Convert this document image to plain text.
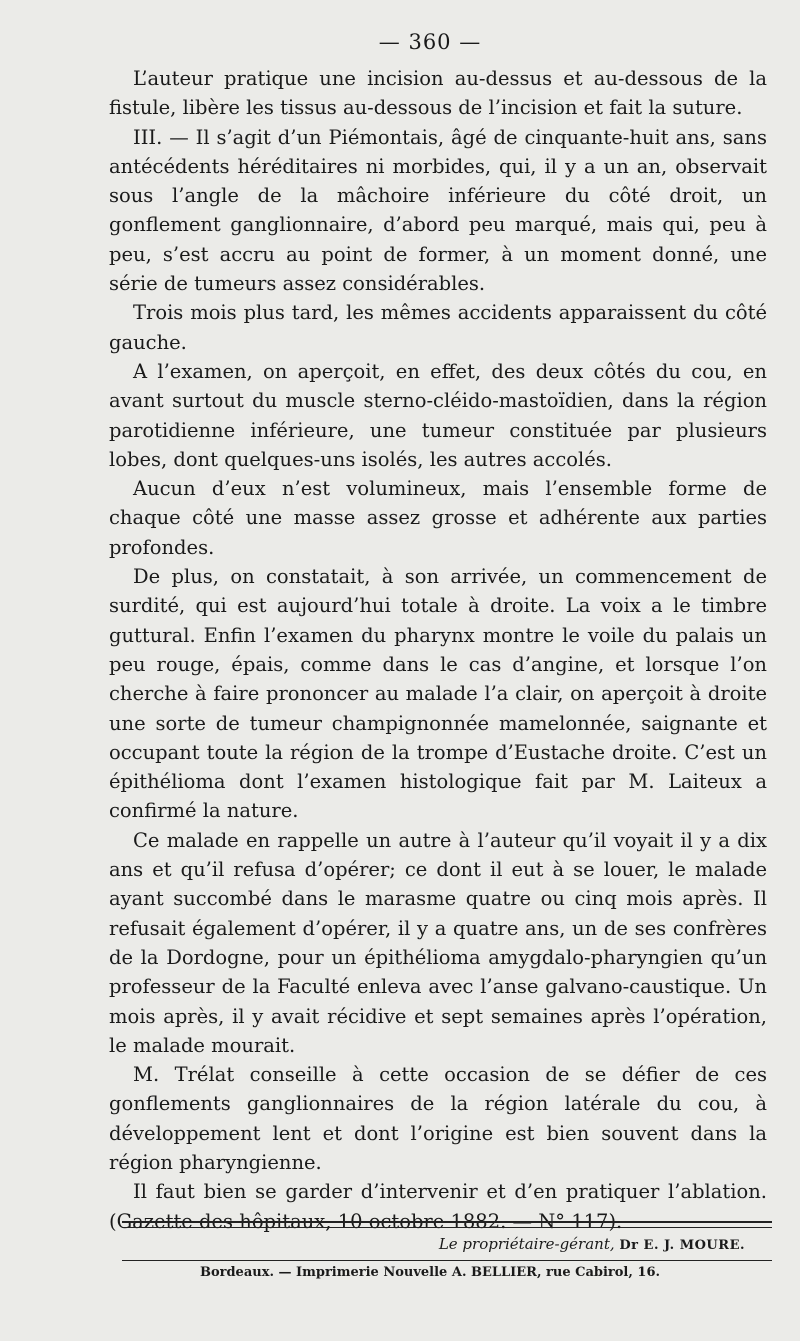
— 360 —

L’auteur pratique une incision au-dessus et au-dessous de la fistule, libère les tissus au-dessous de l’incision et fait la suture.

III. — Il s’agit d’un Piémontais, âgé de cinquante-huit ans, sans antécédents héréditaires ni morbides, qui, il y a un an, observait sous l’angle de la mâchoire inférieure du côté droit, un gonflement ganglionnaire, d’abord peu marqué, mais qui, peu à peu, s’est accru au point de former, à un moment donné, une série de tumeurs assez considérables.

Trois mois plus tard, les mêmes accidents apparaissent du côté gauche.

A l’examen, on aperçoit, en effet, des deux côtés du cou, en avant surtout du muscle sterno-cléido-mastoïdien, dans la région parotidienne inférieure, une tumeur constituée par plusieurs lobes, dont quelques-uns isolés, les autres accolés.

Aucun d’eux n’est volumineux, mais l’ensemble forme de chaque côté une masse assez grosse et adhérente aux parties profondes.

De plus, on constatait, à son arrivée, un commencement de surdité, qui est aujourd’hui totale à droite. La voix a le timbre guttural. Enfin l’examen du pharynx montre le voile du palais un peu rouge, épais, comme dans le cas d’angine, et lorsque l’on cherche à faire prononcer au malade l’a clair, on aperçoit à droite une sorte de tumeur champignonnée mamelonnée, saignante et occupant toute la région de la trompe d’Eustache droite. C’est un épithélioma dont l’examen histologique fait par M. Laiteux a confirmé la nature.

Ce malade en rappelle un autre à l’auteur qu’il voyait il y a dix ans et qu’il refusa d’opérer; ce dont il eut à se louer, le malade ayant succombé dans le marasme quatre ou cinq mois après. Il refusait également d’opérer, il y a quatre ans, un de ses confrères de la Dordogne, pour un épithélioma amygdalo-pharyngien qu’un professeur de la Faculté enleva avec l’anse galvano-caustique. Un mois après, il y avait récidive et sept semaines après l’opération, le malade mourait.

M. Trélat conseille à cette occasion de se défier de ces gonflements ganglionnaires de la région latérale du cou, à développement lent et dont l’origine est bien souvent dans la région pharyngienne.

Il faut bien se garder d’intervenir et d’en pratiquer l’ablation. (Gazette des hôpitaux, 10 octobre 1882. — N° 117).

Le propriétaire-gérant, Dr E. J. MOURE.
Bordeaux. — Imprimerie Nouvelle A. BELLIER, rue Cabirol, 16.
